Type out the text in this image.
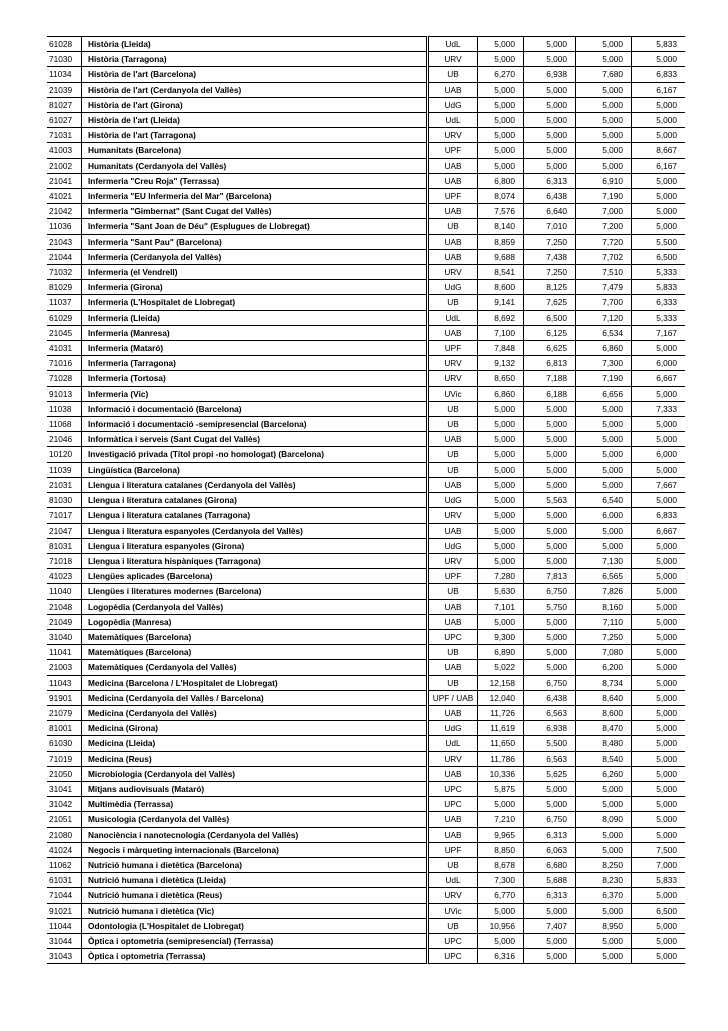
61028	Història (Lleida)	UdL	5,000	5,000	5,000	5,833
71030	Història (Tarragona)	URV	5,000	5,000	5,000	5,000
11034	Història de l'art (Barcelona)	UB	6,270	6,938	7,680	6,833
21039	Història de l'art (Cerdanyola del Vallès)	UAB	5,000	5,000	5,000	6,167
81027	Història de l'art (Girona)	UdG	5,000	5,000	5,000	5,000
61027	Història de l'art (Lleida)	UdL	5,000	5,000	5,000	5,000
71031	Història de l'art (Tarragona)	URV	5,000	5,000	5,000	5,000
41003	Humanitats (Barcelona)	UPF	5,000	5,000	5,000	8,667
21002	Humanitats (Cerdanyola del Vallès)	UAB	5,000	5,000	5,000	6,167
21041	Infermeria "Creu Roja" (Terrassa)	UAB	6,800	6,313	6,910	5,000
41021	Infermeria "EU Infermeria del Mar" (Barcelona)	UPF	8,074	6,438	7,190	5,000
21042	Infermeria "Gimbernat" (Sant Cugat del Vallès)	UAB	7,576	6,640	7,000	5,000
11036	Infermeria "Sant Joan de Déu" (Esplugues de Llobregat)	UB	8,140	7,010	7,200	5,000
21043	Infermeria "Sant Pau" (Barcelona)	UAB	8,859	7,250	7,720	5,500
21044	Infermeria (Cerdanyola del Vallès)	UAB	9,688	7,438	7,702	6,500
71032	Infermeria (el Vendrell)	URV	8,541	7,250	7,510	5,333
81029	Infermeria (Girona)	UdG	8,600	8,125	7,479	5,833
11037	Infermeria (L'Hospitalet de Llobregat)	UB	9,141	7,625	7,700	6,333
61029	Infermeria (Lleida)	UdL	8,692	6,500	7,120	5,333
21045	Infermeria (Manresa)	UAB	7,100	6,125	6,534	7,167
41031	Infermeria (Mataró)	UPF	7,848	6,625	6,860	5,000
71016	Infermeria (Tarragona)	URV	9,132	6,813	7,300	6,000
71028	Infermeria (Tortosa)	URV	8,650	7,188	7,190	6,667
91013	Infermeria (Vic)	UVic	6,860	6,188	6,656	5,000
11038	Informació i documentació (Barcelona)	UB	5,000	5,000	5,000	7,333
11068	Informació i documentació -semipresencial (Barcelona)	UB	5,000	5,000	5,000	5,000
21046	Informàtica i serveis (Sant Cugat del Vallès)	UAB	5,000	5,000	5,000	5,000
10120	Investigació privada (Títol propi -no homologat) (Barcelona)	UB	5,000	5,000	5,000	6,000
11039	Lingüística (Barcelona)	UB	5,000	5,000	5,000	5,000
21031	Llengua i literatura catalanes (Cerdanyola del Vallès)	UAB	5,000	5,000	5,000	7,667
81030	Llengua i literatura catalanes (Girona)	UdG	5,000	5,563	6,540	5,000
71017	Llengua i literatura catalanes (Tarragona)	URV	5,000	5,000	6,000	6,833
21047	Llengua i literatura espanyoles (Cerdanyola del Vallès)	UAB	5,000	5,000	5,000	6,667
81031	Llengua i literatura espanyoles (Girona)	UdG	5,000	5,000	5,000	5,000
71018	Llengua i literatura hispàniques (Tarragona)	URV	5,000	5,000	7,130	5,000
41023	Llengües aplicades (Barcelona)	UPF	7,280	7,813	6,565	5,000
11040	Llengües i literatures modernes (Barcelona)	UB	5,630	6,750	7,826	5,000
21048	Logopèdia (Cerdanyola del Vallès)	UAB	7,101	5,750	8,160	5,000
21049	Logopèdia (Manresa)	UAB	5,000	5,000	7,110	5,000
31040	Matemàtiques (Barcelona)	UPC	9,300	5,000	7,250	5,000
11041	Matemàtiques (Barcelona)	UB	6,890	5,000	7,080	5,000
21003	Matemàtiques (Cerdanyola del Vallès)	UAB	5,022	5,000	6,200	5,000
11043	Medicina (Barcelona / L'Hospitalet de Llobregat)	UB	12,158	6,750	8,734	5,000
91901	Medicina (Cerdanyola del Vallès / Barcelona)	UPF / UAB	12,040	6,438	8,640	5,000
21079	Medicina (Cerdanyola del Vallès)	UAB	11,726	6,563	8,600	5,000
81001	Medicina (Girona)	UdG	11,619	6,938	8,470	5,000
61030	Medicina (Lleida)	UdL	11,650	5,500	8,480	5,000
71019	Medicina (Reus)	URV	11,786	6,563	8,540	5,000
21050	Microbiologia (Cerdanyola del Vallès)	UAB	10,336	5,625	6,260	5,000
31041	Mitjans audiovisuals (Mataró)	UPC	5,875	5,000	5,000	5,000
31042	Multimèdia (Terrassa)	UPC	5,000	5,000	5,000	5,000
21051	Musicologia (Cerdanyola del Vallès)	UAB	7,210	6,750	8,090	5,000
21080	Nanociència i nanotecnologia (Cerdanyola del Vallès)	UAB	9,965	6,313	5,000	5,000
41024	Negocis i màrqueting internacionals (Barcelona)	UPF	8,850	6,063	5,000	7,500
11062	Nutrició humana i dietètica (Barcelona)	UB	8,678	6,680	8,250	7,000
61031	Nutrició humana i dietètica (Lleida)	UdL	7,300	5,688	8,230	5,833
71044	Nutrició humana i dietètica (Reus)	URV	6,770	6,313	6,370	5,000
91021	Nutrició humana i dietètica (Vic)	UVic	5,000	5,000	5,000	6,500
11044	Odontologia (L'Hospitalet de Llobregat)	UB	10,956	7,407	8,950	5,000
31044	Òptica i optometria (semipresencial) (Terrassa)	UPC	5,000	5,000	5,000	5,000
31043	Òptica i optometria (Terrassa)	UPC	6,316	5,000	5,000	5,000
